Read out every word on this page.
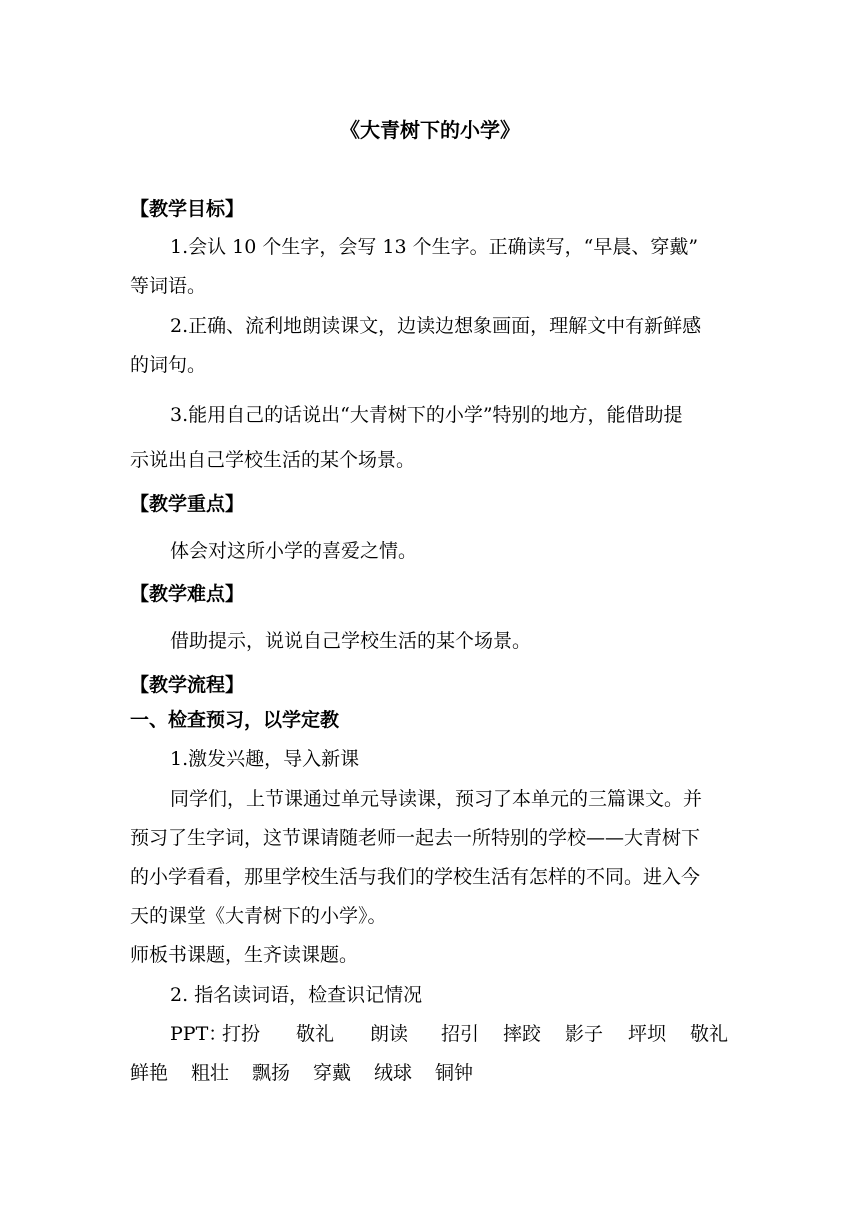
《大青树下的小学》
【教学目标】
1.会认 10 个生字，会写 13 个生字。正确读写，“早晨、穿戴”
等词语。
2.正确、流利地朗读课文，边读边想象画面，理解文中有新鲜感
的词句。
3.能用自己的话说出“大青树下的小学”特别的地方，能借助提
示说出自己学校生活的某个场景。
【教学重点】
体会对这所小学的喜爱之情。
【教学难点】
借助提示，说说自己学校生活的某个场景。
【教学流程】
一、检查预习，以学定教
1.激发兴趣，导入新课
同学们，上节课通过单元导读课，预习了本单元的三篇课文。并
预习了生字词，这节课请随老师一起去一所特别的学校——大青树下
的小学看看，那里学校生活与我们的学校生活有怎样的不同。进入今
天的课堂《大青树下的小学》。
师板书课题，生齐读课题。
2. 指名读词语，检查识记情况
PPT：
打扮 敬礼 朗读 招引 摔跤 影子 坪坝 敬礼
鲜艳 粗壮 飘扬 穿戴 绒球 铜钟
